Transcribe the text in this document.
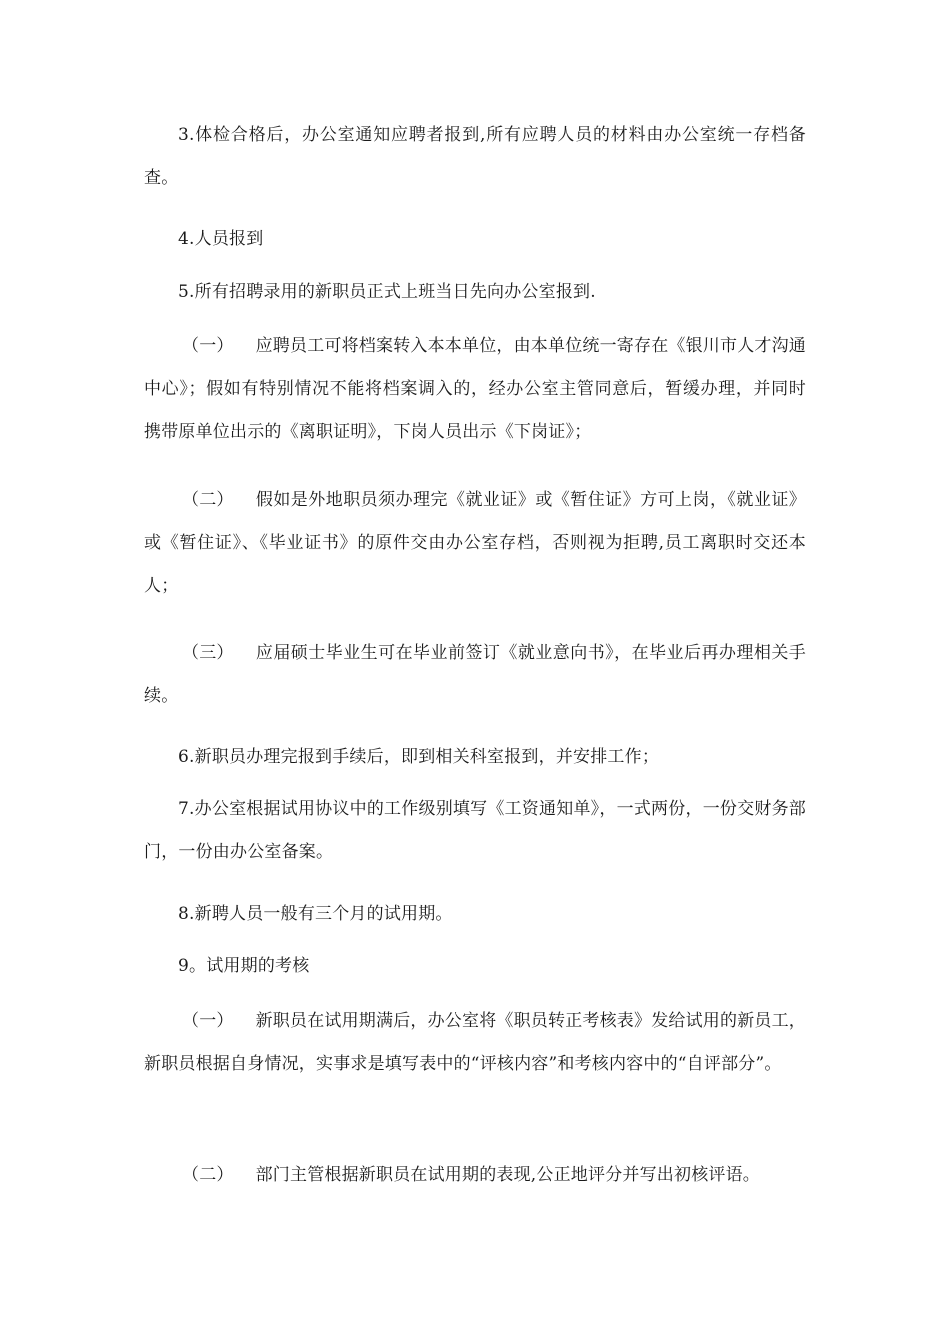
3.体检合格后，办公室通知应聘者报到,所有应聘人员的材料由办公室统一存档备查。

4.人员报到

5.所有招聘录用的新职员正式上班当日先向办公室报到.

（一） 应聘员工可将档案转入本本单位，由本单位统一寄存在《银川市人才沟通中心》；假如有特别情况不能将档案调入的，经办公室主管同意后，暂缓办理，并同时携带原单位出示的《离职证明》，下岗人员出示《下岗证》；

（二） 假如是外地职员须办理完《就业证》或《暂住证》方可上岗，《就业证》或《暂住证》、《毕业证书》的原件交由办公室存档，否则视为拒聘,员工离职时交还本人；

（三） 应届硕士毕业生可在毕业前签订《就业意向书》，在毕业后再办理相关手续。

6.新职员办理完报到手续后，即到相关科室报到，并安排工作；

7.办公室根据试用协议中的工作级别填写《工资通知单》，一式两份，一份交财务部门，一份由办公室备案。

8.新聘人员一般有三个月的试用期。

9。试用期的考核

（一） 新职员在试用期满后，办公室将《职员转正考核表》发给试用的新员工，新职员根据自身情况，实事求是填写表中的“评核内容”和考核内容中的“自评部分”。

（二） 部门主管根据新职员在试用期的表现,公正地评分并写出初核评语。
